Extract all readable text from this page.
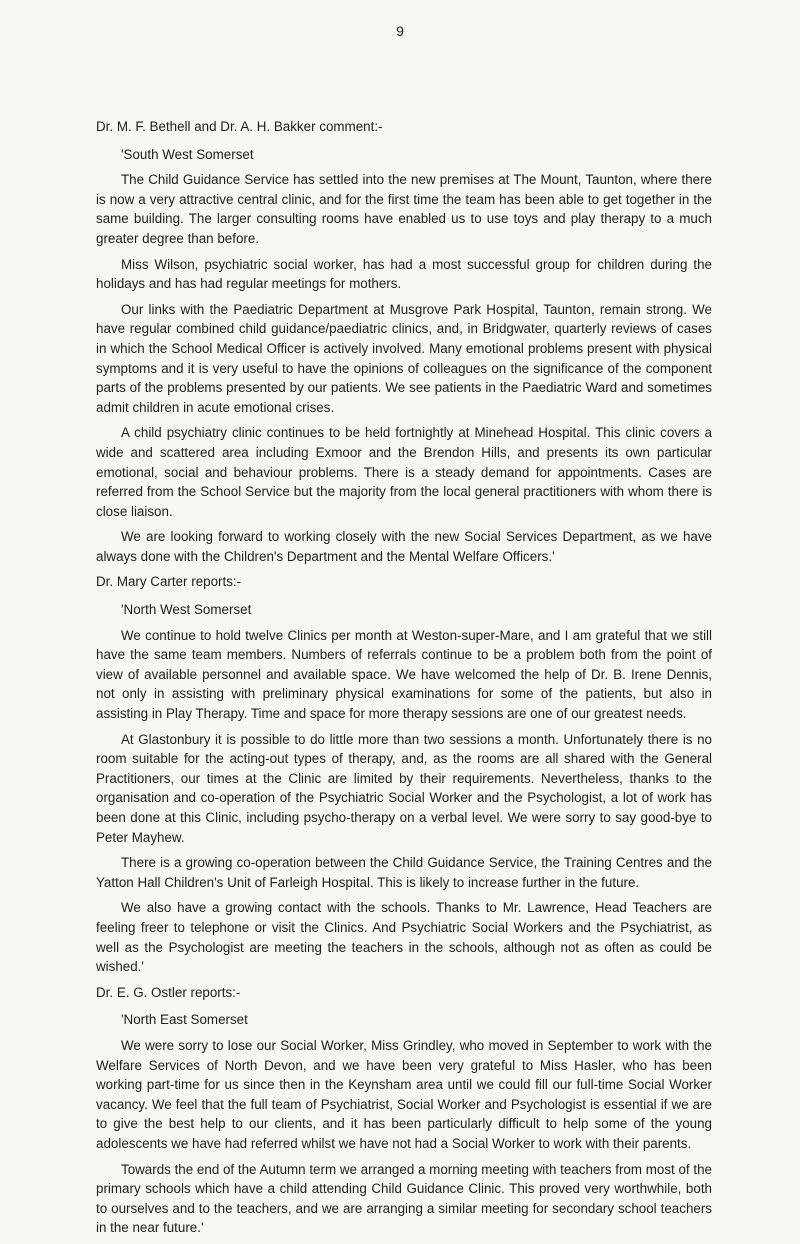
9

Dr. M. F. Bethell and Dr. A. H. Bakker comment:-

'South West Somerset

The Child Guidance Service has settled into the new premises at The Mount, Taunton, where there is now a very attractive central clinic, and for the first time the team has been able to get together in the same building. The larger consulting rooms have enabled us to use toys and play therapy to a much greater degree than before.

Miss Wilson, psychiatric social worker, has had a most successful group for children during the holidays and has had regular meetings for mothers.

Our links with the Paediatric Department at Musgrove Park Hospital, Taunton, remain strong. We have regular combined child guidance/paediatric clinics, and, in Bridgwater, quarterly reviews of cases in which the School Medical Officer is actively involved. Many emotional problems present with physical symptoms and it is very useful to have the opinions of colleagues on the significance of the component parts of the problems presented by our patients. We see patients in the Paediatric Ward and sometimes admit children in acute emotional crises.

A child psychiatry clinic continues to be held fortnightly at Minehead Hospital. This clinic covers a wide and scattered area including Exmoor and the Brendon Hills, and presents its own particular emotional, social and behaviour problems. There is a steady demand for appointments. Cases are referred from the School Service but the majority from the local general practitioners with whom there is close liaison.

We are looking forward to working closely with the new Social Services Department, as we have always done with the Children's Department and the Mental Welfare Officers.'

Dr. Mary Carter reports:-

'North West Somerset

We continue to hold twelve Clinics per month at Weston-super-Mare, and I am grateful that we still have the same team members. Numbers of referrals continue to be a problem both from the point of view of available personnel and available space. We have welcomed the help of Dr. B. Irene Dennis, not only in assisting with preliminary physical examinations for some of the patients, but also in assisting in Play Therapy. Time and space for more therapy sessions are one of our greatest needs.

At Glastonbury it is possible to do little more than two sessions a month. Unfortunately there is no room suitable for the acting-out types of therapy, and, as the rooms are all shared with the General Practitioners, our times at the Clinic are limited by their requirements. Nevertheless, thanks to the organisation and co-operation of the Psychiatric Social Worker and the Psychologist, a lot of work has been done at this Clinic, including psycho-therapy on a verbal level. We were sorry to say good-bye to Peter Mayhew.

There is a growing co-operation between the Child Guidance Service, the Training Centres and the Yatton Hall Children's Unit of Farleigh Hospital. This is likely to increase further in the future.

We also have a growing contact with the schools. Thanks to Mr. Lawrence, Head Teachers are feeling freer to telephone or visit the Clinics. And Psychiatric Social Workers and the Psychiatrist, as well as the Psychologist are meeting the teachers in the schools, although not as often as could be wished.'

Dr. E. G. Ostler reports:-

'North East Somerset

We were sorry to lose our Social Worker, Miss Grindley, who moved in September to work with the Welfare Services of North Devon, and we have been very grateful to Miss Hasler, who has been working part-time for us since then in the Keynsham area until we could fill our full-time Social Worker vacancy. We feel that the full team of Psychiatrist, Social Worker and Psychologist is essential if we are to give the best help to our clients, and it has been particularly difficult to help some of the young adolescents we have had referred whilst we have not had a Social Worker to work with their parents.

Towards the end of the Autumn term we arranged a morning meeting with teachers from most of the primary schools which have a child attending Child Guidance Clinic. This proved very worthwhile, both to ourselves and to the teachers, and we are arranging a similar meeting for secondary school teachers in the near future.'
